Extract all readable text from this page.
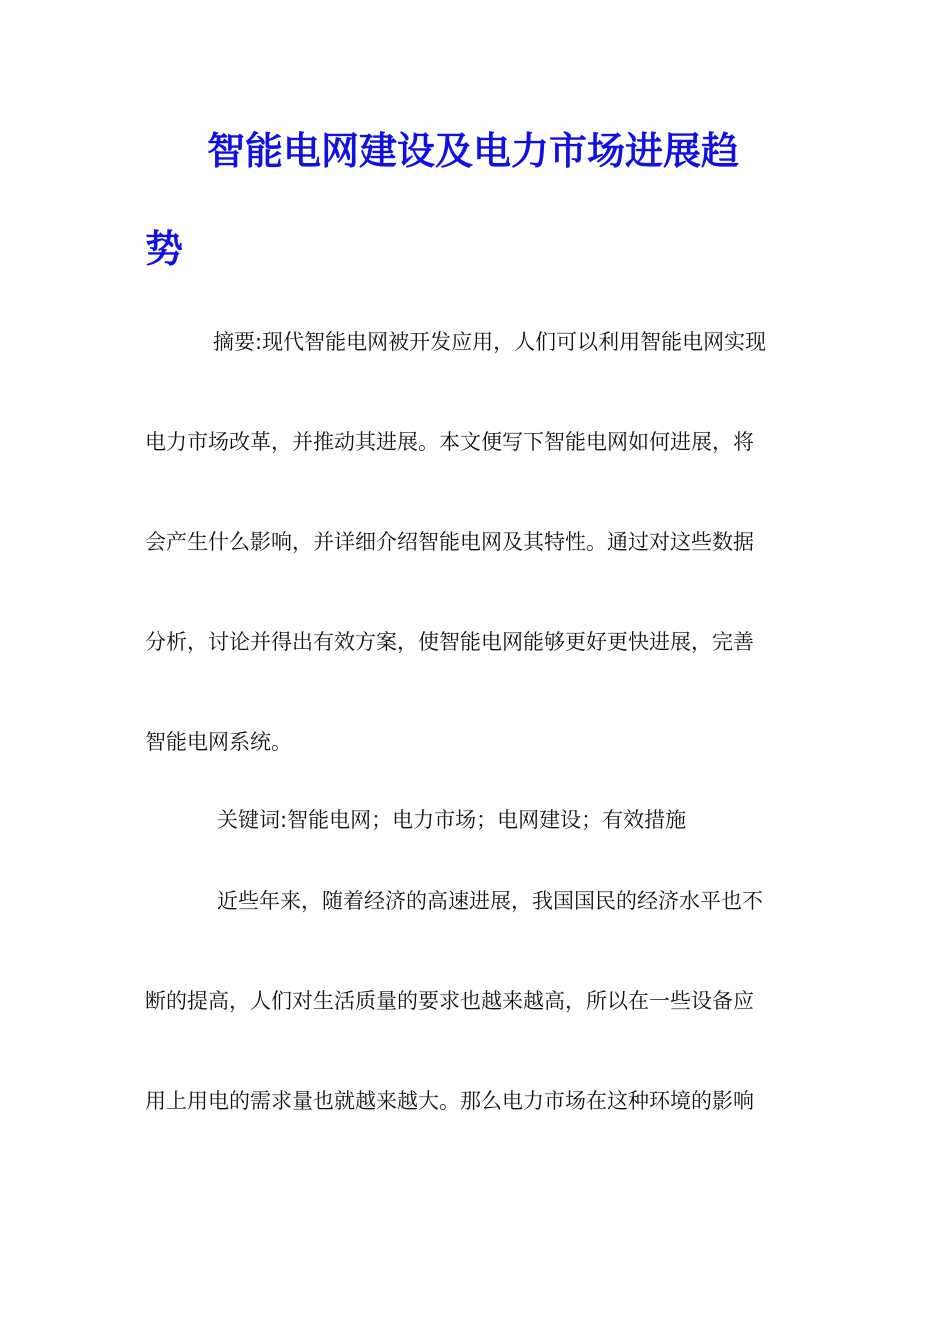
智能电网建设及电力市场进展趋
势

摘要:现代智能电网被开发应用，人们可以利用智能电网实现

电力市场改革，并推动其进展。本文便写下智能电网如何进展，将

会产生什么影响，并详细介绍智能电网及其特性。通过对这些数据

分析，讨论并得出有效方案，使智能电网能够更好更快进展，完善

智能电网系统。

关键词:智能电网；电力市场；电网建设；有效措施

近些年来，随着经济的高速进展，我国国民的经济水平也不

断的提高，人们对生活质量的要求也越来越高，所以在一些设备应

用上用电的需求量也就越来越大。那么电力市场在这种环境的影响
